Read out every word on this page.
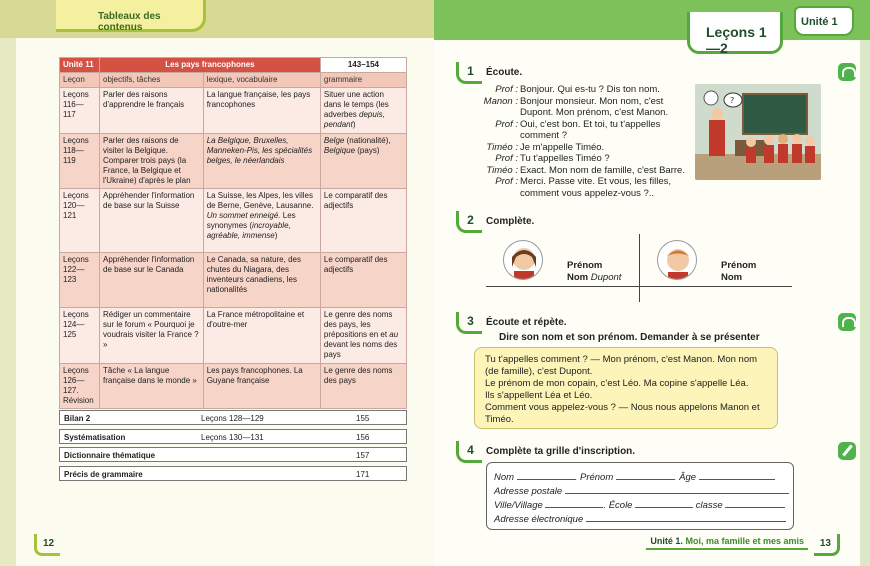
Tableaux des contenus
Unité 11	Les pays francophones		143–154
Leçon	objectifs, tâches	lexique, vocabulaire	grammaire
Leçons 116—117	Parler des raisons d'apprendre le français	La langue française, les pays francophones	Situer une action dans le temps (les adverbes depuis, pendant)
Leçons 118—119	Parler des raisons de visiter la Belgique. Comparer trois pays (la France, la Belgique et l'Ukraine) d'après le plan	La Belgique, Bruxelles, Manneken-Pis, les spécialités belges, le néerlandais	Belge (nationalité), Belgique (pays)
Leçons 120—121	Appréhender l'information de base sur la Suisse	La Suisse, les Alpes, les villes de Berne, Genève, Lausanne. Un sommet enneigé. Les synonymes (incroyable, agréable, immense)	Le comparatif des adjectifs
Leçons 122—123	Appréhender l'information de base sur le Canada	Le Canada, sa nature, des chutes du Niagara, des inventeurs canadiens, les nationalités	Le comparatif des adjectifs
Leçons 124—125	Rédiger un commentaire sur le forum « Pourquoi je voudrais visiter la France ? »	La France métropolitaine et d'outre-mer	Le genre des noms des pays, les prépositions en et au devant les noms des pays
Leçons 126—127. Révision	Tâche « La langue française dans le monde »	Les pays francophones. La Guyane française	Le genre des noms des pays
Bilan 2	Leçons 128—129	155
Systématisation	Leçons 130—131	156
Dictionnaire thématique	157
Précis de grammaire	171
12
Leçons 1—2
Unité 1
1	Écoute.
Prof : Bonjour. Qui es-tu ? Dis ton nom.
Manon : Bonjour monsieur. Mon nom, c'est Dupont. Mon prénom, c'est Manon.
Prof : Oui, c'est bon. Et toi, tu t'appelles comment ?
Timéo : Je m'appelle Timéo.
Prof : Tu t'appelles Timéo ?
Timéo : Exact. Mon nom de famille, c'est Barre.
Prof : Merci. Passe vite. Et vous, les filles, comment vous appelez-vous ?..
?
2	Complète.
Prénom
Nom Dupont
Prénom
Nom
3	Écoute et répète.
Dire son nom et son prénom. Demander à se présenter
Tu t'appelles comment ? — Mon prénom, c'est Manon. Mon nom (de famille), c'est Dupont.
Le prénom de mon copain, c'est Léo. Ma copine s'appelle Léa.
Ils s'appellent Léa et Léo.
Comment vous appelez-vous ? — Nous nous appelons Manon et Timéo.
4	Complète ta grille d'inscription.
Nom	. Prénom	. Âge
Adresse postale
Ville/Village	. École	classe
Adresse électronique
Unité 1. Moi, ma famille et mes amis	13
